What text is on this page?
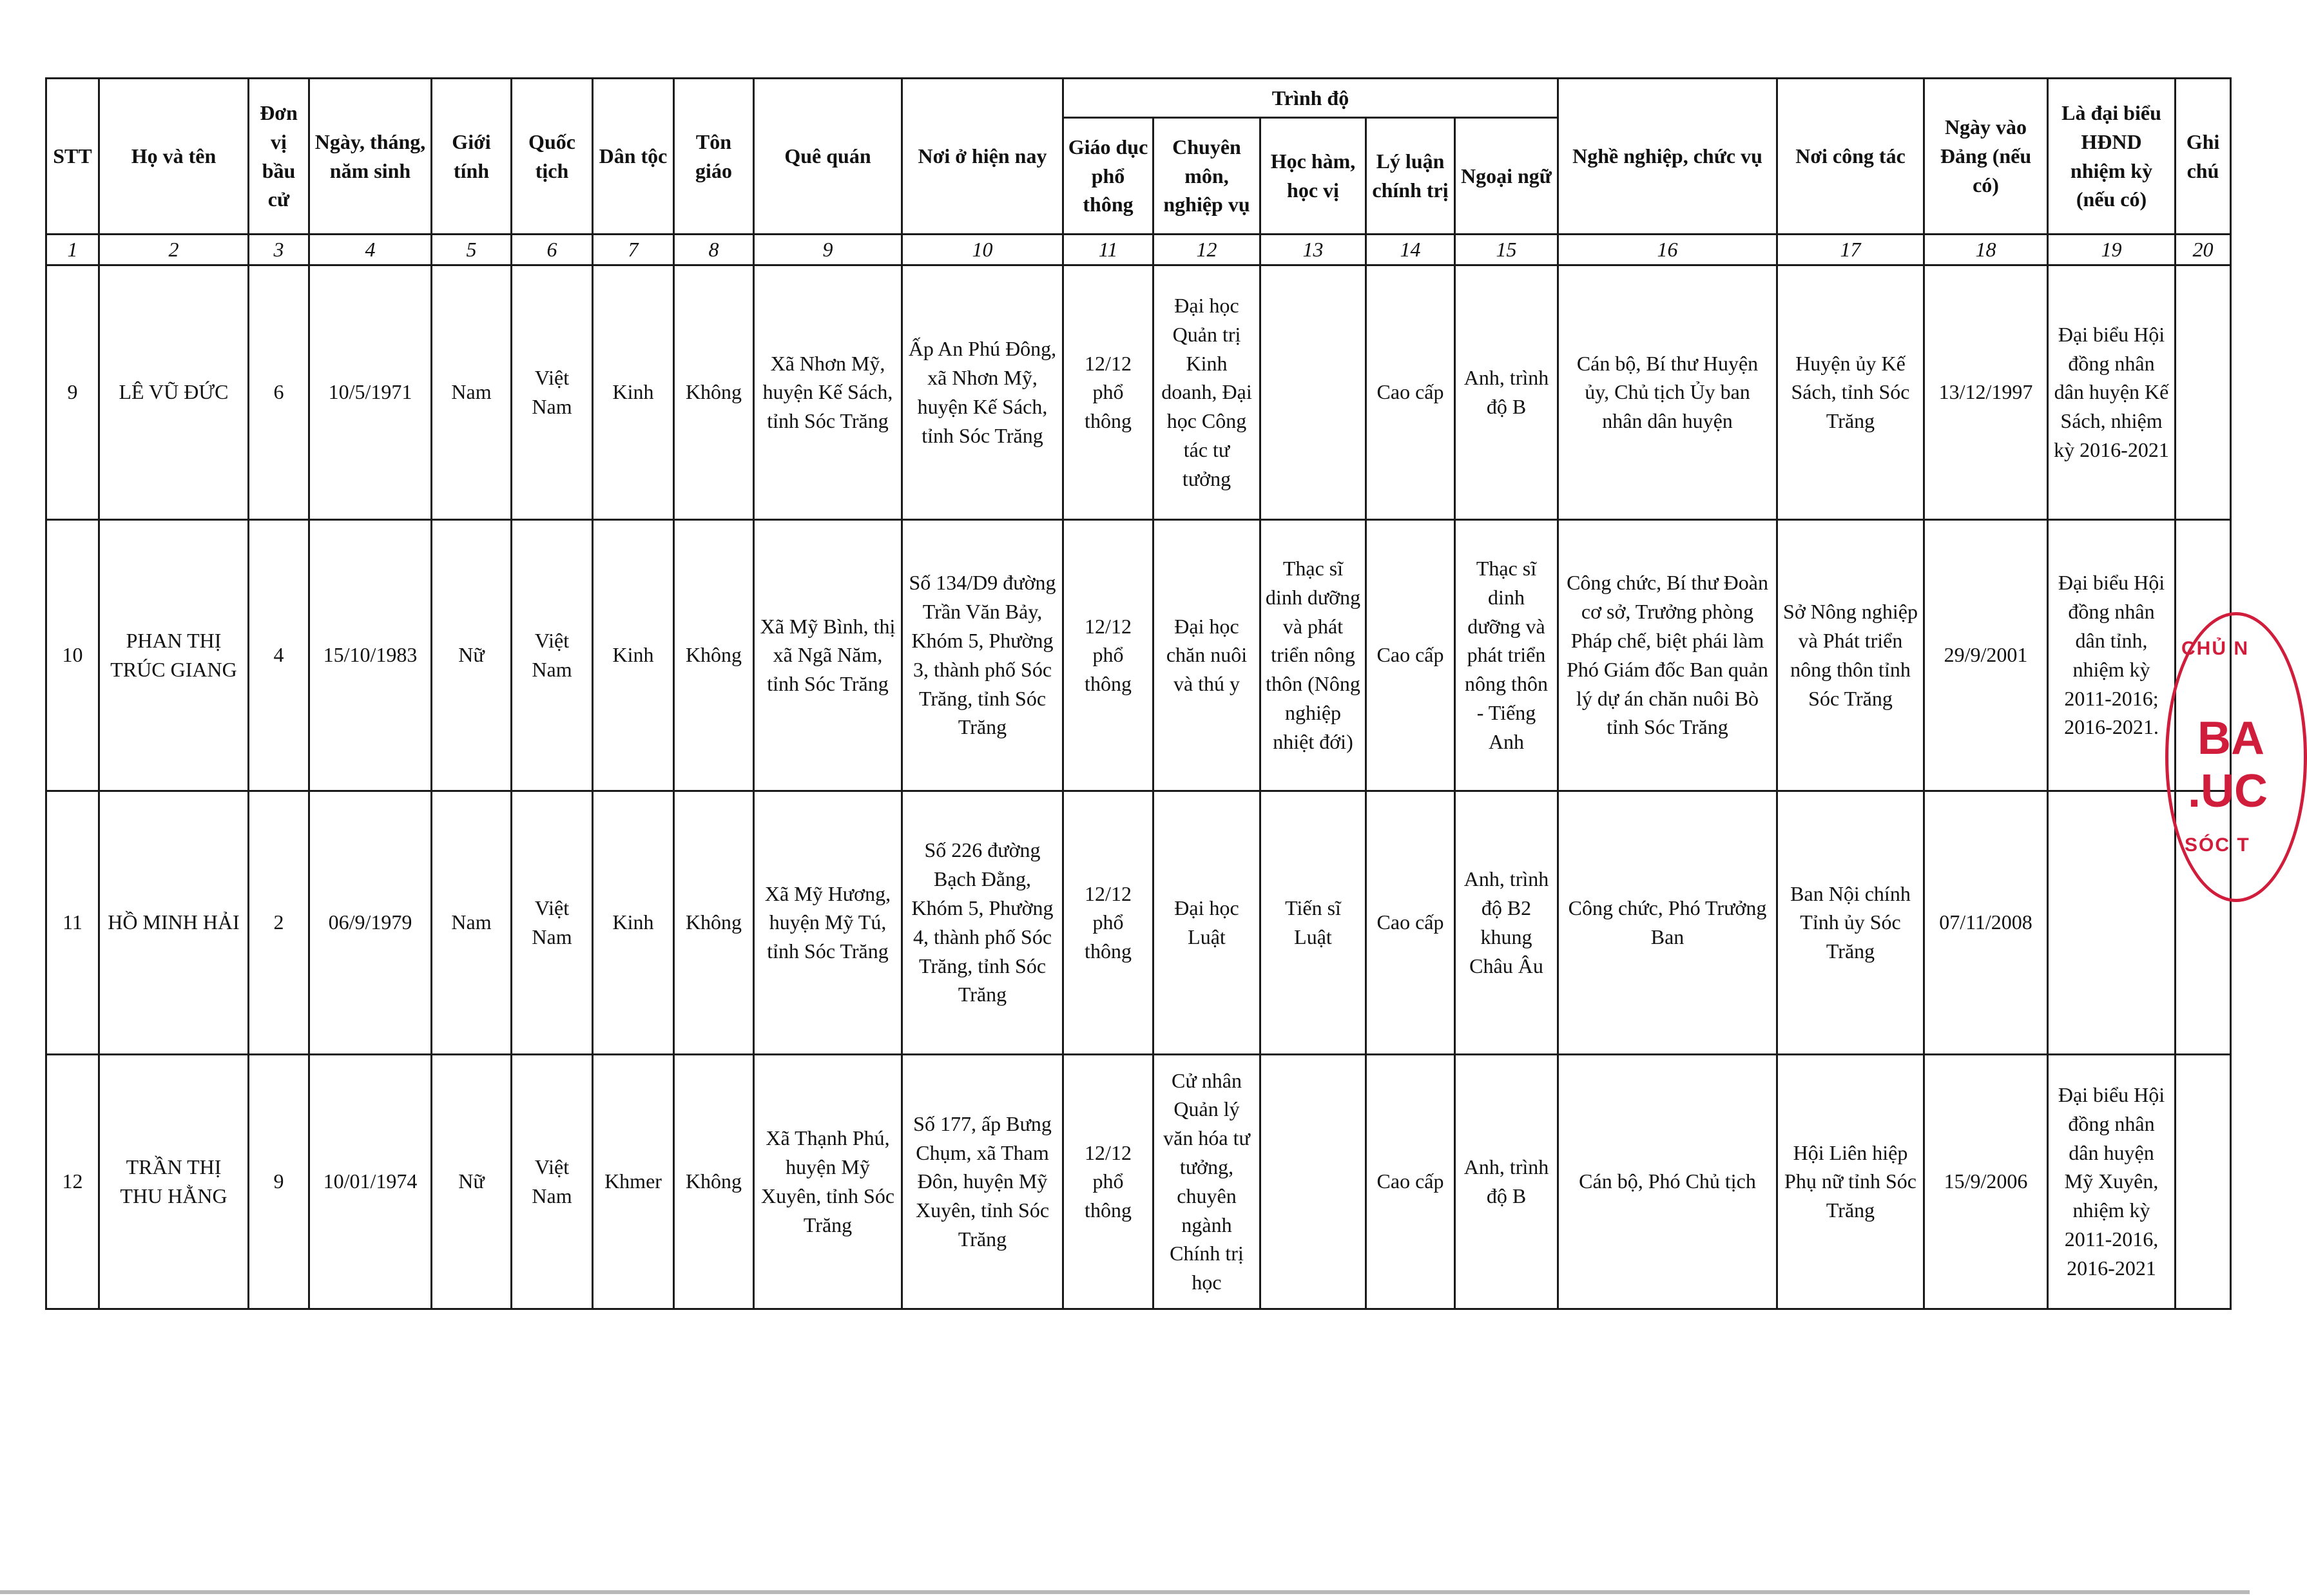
STT	Họ và tên	Đơn vị bầu cử	Ngày, tháng, năm sinh	Giới tính	Quốc tịch	Dân tộc	Tôn giáo	Quê quán	Nơi ở hiện nay	Trình độ					Nghề nghiệp, chức vụ	Nơi công tác	Ngày vào Đảng (nếu có)	Là đại biểu HĐND nhiệm kỳ (nếu có)	Ghi chú
										Giáo dục phổ thông	Chuyên môn, nghiệp vụ	Học hàm, học vị	Lý luận chính trị	Ngoại ngữ					
1	2	3	4	5	6	7	8	9	10	11	12	13	14	15	16	17	18	19	20
9	LÊ VŨ ĐỨC	6	10/5/1971	Nam	Việt Nam	Kinh	Không	Xã Nhơn Mỹ, huyện Kế Sách, tỉnh Sóc Trăng	Ấp An Phú Đông, xã Nhơn Mỹ, huyện Kế Sách, tỉnh Sóc Trăng	12/12 phổ thông	Đại học Quản trị Kinh doanh, Đại học Công tác tư tưởng		Cao cấp	Anh, trình độ B	Cán bộ, Bí thư Huyện ủy, Chủ tịch Ủy ban nhân dân huyện	Huyện ủy Kế Sách, tỉnh Sóc Trăng	13/12/1997	Đại biểu Hội đồng nhân dân huyện Kế Sách, nhiệm kỳ 2016-2021	
10	PHAN THỊ TRÚC GIANG	4	15/10/1983	Nữ	Việt Nam	Kinh	Không	Xã Mỹ Bình, thị xã Ngã Năm, tỉnh Sóc Trăng	Số 134/D9 đường Trần Văn Bảy, Khóm 5, Phường 3, thành phố Sóc Trăng, tỉnh Sóc Trăng	12/12 phổ thông	Đại học chăn nuôi và thú y	Thạc sĩ dinh dưỡng và phát triển nông thôn (Nông nghiệp nhiệt đới)	Cao cấp	Thạc sĩ dinh dưỡng và phát triển nông thôn - Tiếng Anh	Công chức, Bí thư Đoàn cơ sở, Trưởng phòng Pháp chế, biệt phái làm Phó Giám đốc Ban quản lý dự án chăn nuôi Bò tỉnh Sóc Trăng	Sở Nông nghiệp và Phát triển nông thôn tỉnh Sóc Trăng	29/9/2001	Đại biểu Hội đồng nhân dân tỉnh, nhiệm kỳ 2011-2016; 2016-2021.	
11	HỒ MINH HẢI	2	06/9/1979	Nam	Việt Nam	Kinh	Không	Xã Mỹ Hương, huyện Mỹ Tú, tỉnh Sóc Trăng	Số 226 đường Bạch Đằng, Khóm 5, Phường 4, thành phố Sóc Trăng, tỉnh Sóc Trăng	12/12 phổ thông	Đại học Luật	Tiến sĩ Luật	Cao cấp	Anh, trình độ B2 khung Châu Âu	Công chức, Phó Trưởng Ban	Ban Nội chính Tỉnh ủy Sóc Trăng	07/11/2008		
12	TRẦN THỊ THU HẰNG	9	10/01/1974	Nữ	Việt Nam	Khmer	Không	Xã Thạnh Phú, huyện Mỹ Xuyên, tỉnh Sóc Trăng	Số 177, ấp Bưng Chụm, xã Tham Đôn, huyện Mỹ Xuyên, tỉnh Sóc Trăng	12/12 phổ thông	Cử nhân Quản lý văn hóa tư tưởng, chuyên ngành Chính trị học		Cao cấp	Anh, trình độ B	Cán bộ, Phó Chủ tịch	Hội Liên hiệp Phụ nữ tỉnh Sóc Trăng	15/9/2006	Đại biểu Hội đồng nhân dân huyện Mỹ Xuyên, nhiệm kỳ 2011-2016, 2016-2021	
CHỦ N
BA
.UC
SÓC T
